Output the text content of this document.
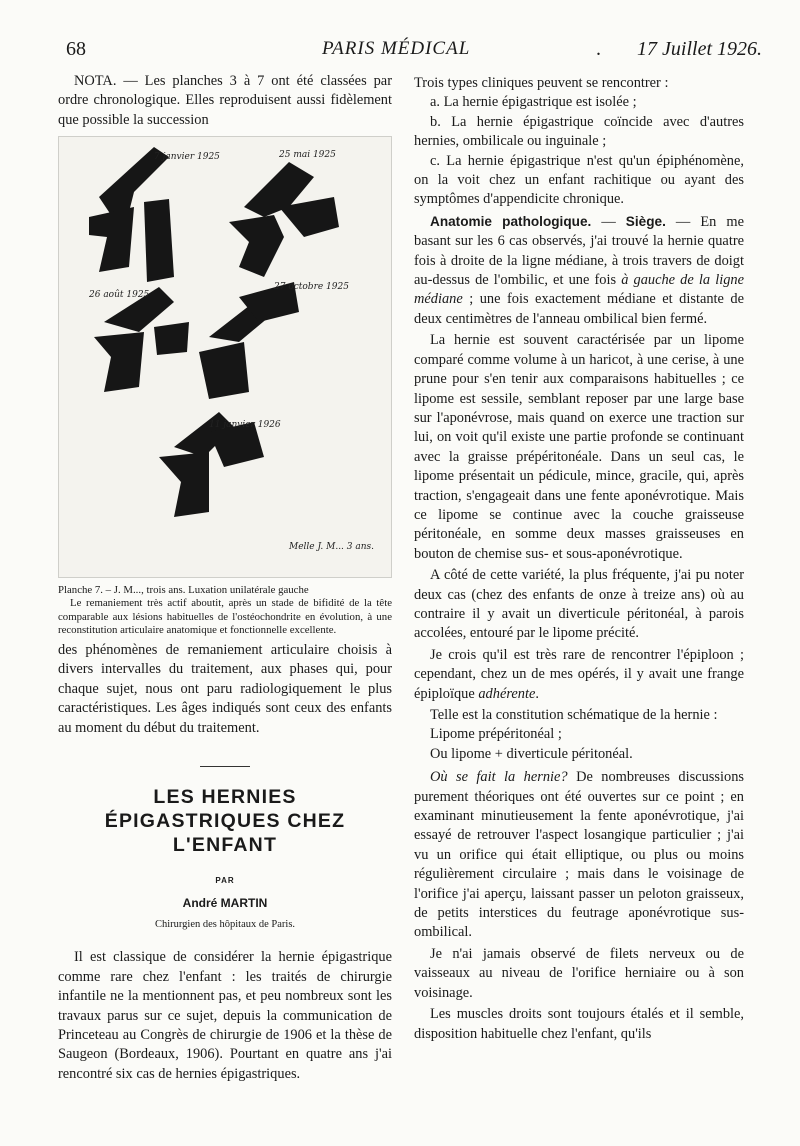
68	PARIS MÉDICAL	. 17 Juillet 1926.

NOTA. — Les planches 3 à 7 ont été classées par ordre chronologique. Elles reproduisent aussi fidèlement que possible la succession

7 janvier 1925	25 mai 1925
26 août 1925
27 octobre 1925
11 janvier 1926
Melle J. M... 3 ans.

Planche 7. – J. M..., trois ans. Luxation unilatérale gauche

Le remaniement très actif aboutit, après un stade de bifidité de la tête comparable aux lésions habituelles de l'ostéochondrite en évolution, à une reconstitution articulaire anatomique et fonctionnelle excellente.

des phénomènes de remaniement articulaire choisis à divers intervalles du traitement, aux phases qui, pour chaque sujet, nous ont paru radiologiquement le plus caractéristiques. Les âges indiqués sont ceux des enfants au moment du début du traitement.

LES HERNIES
ÉPIGASTRIQUES CHEZ
L'ENFANT
PAR
André MARTIN
Chirurgien des hôpitaux de Paris.

Il est classique de considérer la hernie épigastrique comme rare chez l'enfant : les traités de chirurgie infantile ne la mentionnent pas, et peu nombreux sont les travaux parus sur ce sujet, depuis la communication de Princeteau au Congrès de chirurgie de 1906 et la thèse de Saugeon (Bordeaux, 1906). Pourtant en quatre ans j'ai rencontré six cas de hernies épigastriques.

Trois types cliniques peuvent se rencontrer :

a. La hernie épigastrique est isolée ;

b. La hernie épigastrique coïncide avec d'autres hernies, ombilicale ou inguinale ;

c. La hernie épigastrique n'est qu'un épiphénomène, on la voit chez un enfant rachitique ou ayant des symptômes d'appendicite chronique.

Anatomie pathologique. — Siège. — En me basant sur les 6 cas observés, j'ai trouvé la hernie quatre fois à droite de la ligne médiane, à trois travers de doigt au-dessus de l'ombilic, et une fois à gauche de la ligne médiane ; une fois exactement médiane et distante de deux centimètres de l'anneau ombilical bien fermé.

La hernie est souvent caractérisée par un lipome comparé comme volume à un haricot, à une cerise, à une prune pour s'en tenir aux comparaisons habituelles ; ce lipome est sessile, semblant reposer par une large base sur l'aponévrose, mais quand on exerce une traction sur lui, on voit qu'il existe une partie profonde se continuant avec la graisse prépéritonéale. Dans un seul cas, le lipome présentait un pédicule, mince, gracile, qui, après traction, s'engageait dans une fente aponévrotique. Mais ce lipome se continue avec la couche graisseuse péritonéale, en somme deux masses graisseuses en bouton de chemise sus- et sous-aponévrotique.

A côté de cette variété, la plus fréquente, j'ai pu noter deux cas (chez des enfants de onze à treize ans) où au contraire il y avait un diverticule péritonéal, à parois accolées, entouré par le lipome précité.

Je crois qu'il est très rare de rencontrer l'épiploon ; cependant, chez un de mes opérés, il y avait une frange épiploïque adhérente.

Telle est la constitution schématique de la hernie :

Lipome prépéritonéal ;

Ou lipome + diverticule péritonéal.

Où se fait la hernie? De nombreuses discussions purement théoriques ont été ouvertes sur ce point ; en examinant minutieusement la fente aponévrotique, j'ai essayé de retrouver l'aspect losangique particulier ; j'ai vu un orifice qui était elliptique, ou plus ou moins régulièrement circulaire ; mais dans le voisinage de l'orifice j'ai aperçu, laissant passer un peloton graisseux, de petits interstices du feutrage aponévrotique sus-ombilical.

Je n'ai jamais observé de filets nerveux ou de vaisseaux au niveau de l'orifice herniaire ou à son voisinage.

Les muscles droits sont toujours étalés et il semble, disposition habituelle chez l'enfant, qu'ils
